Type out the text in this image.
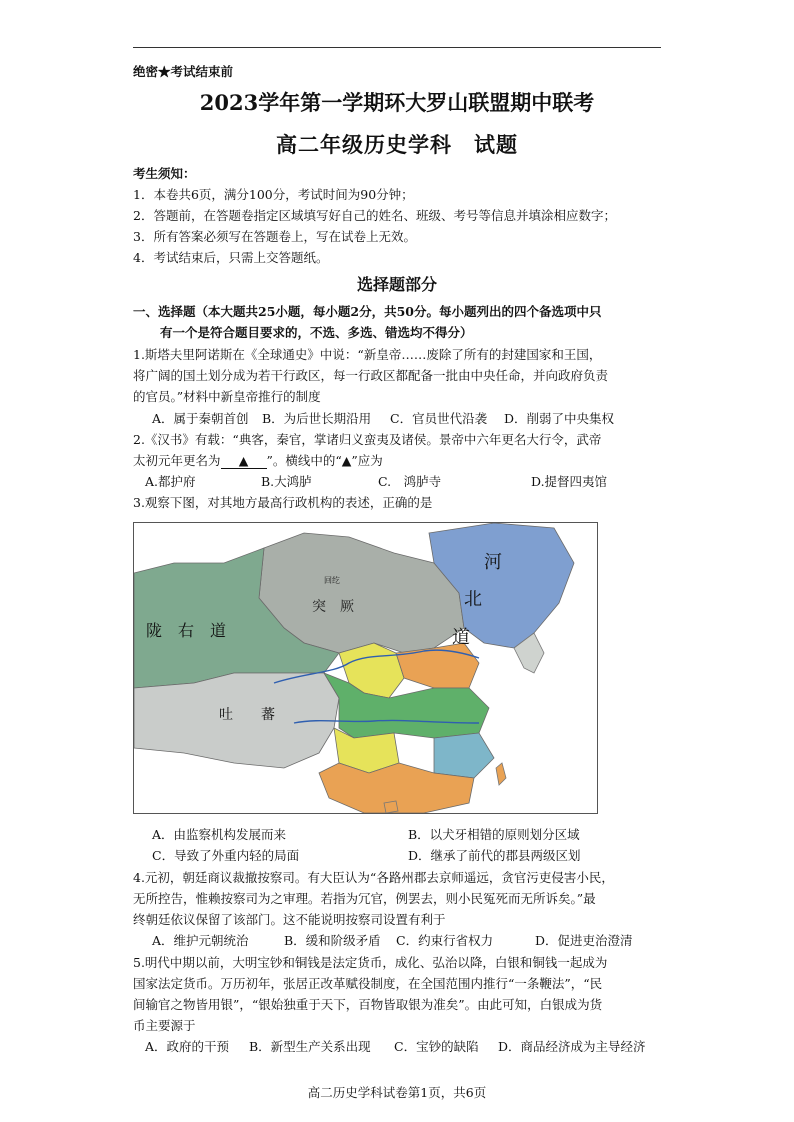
绝密★考试结束前
2023学年第一学期环大罗山联盟期中联考
高二年级历史学科　试题
考生须知：
1．本卷共6页，满分100分，考试时间为90分钟；
2．答题前，在答题卷指定区域填写好自己的姓名、班级、考号等信息并填涂相应数字；
3．所有答案必须写在答题卷上，写在试卷上无效。
4．考试结束后，只需上交答题纸。
选择题部分
一、选择题（本大题共25小题，每小题2分，共50分。每小题列出的四个备选项中只
有一个是符合题目要求的，不选、多选、错选均不得分）
1.斯塔夫里阿诺斯在《全球通史》中说：“新皇帝……废除了所有的封建国家和王国，
将广阔的国土划分成为若干行政区，每一行政区都配备一批由中央任命，并向政府负责
的官员。”材料中新皇帝推行的制度
A．属于秦朝首创 B．为后世长期沿用 C．官员世代沿袭 D．削弱了中央集权
2.《汉书》有载：“典客，秦官，掌诸归义蛮夷及诸侯。景帝中六年更名大行令，武帝
太初元年更名为 ▲ ”。横线中的“▲”应为
A.都护府	B.大鸿胪	C.　鸿胪寺	D.提督四夷馆
3.观察下图，对其地方最高行政机构的表述，正确的是
回纥
突　厥
河
北
道
陇　右　道
吐　　蕃
A．由监察机构发展而来	B．以犬牙相错的原则划分区域
C．导致了外重内轻的局面	D．继承了前代的郡县两级区划
4.元初，朝廷商议裁撤按察司。有大臣认为“各路州郡去京师遥远，贪官污吏侵害小民，
无所控告，惟赖按察司为之审理。若指为冗官，例罢去，则小民冤死而无所诉矣。”最
终朝廷依议保留了该部门。这不能说明按察司设置有利于
A．维护元朝统治	B．缓和阶级矛盾 C．约束行省权力	D．促进吏治澄清
5.明代中期以前，大明宝钞和铜钱是法定货币，成化、弘治以降，白银和铜钱一起成为
国家法定货币。万历初年，张居正改革赋役制度，在全国范围内推行“一条鞭法”，“民
间输官之物皆用银”，“银始独重于天下，百物皆取银为准矣”。由此可知，白银成为货
币主要源于
A．政府的干预 B．新型生产关系出现 C．宝钞的缺陷 D．商品经济成为主导经济
高二历史学科试卷第1页，共6页
